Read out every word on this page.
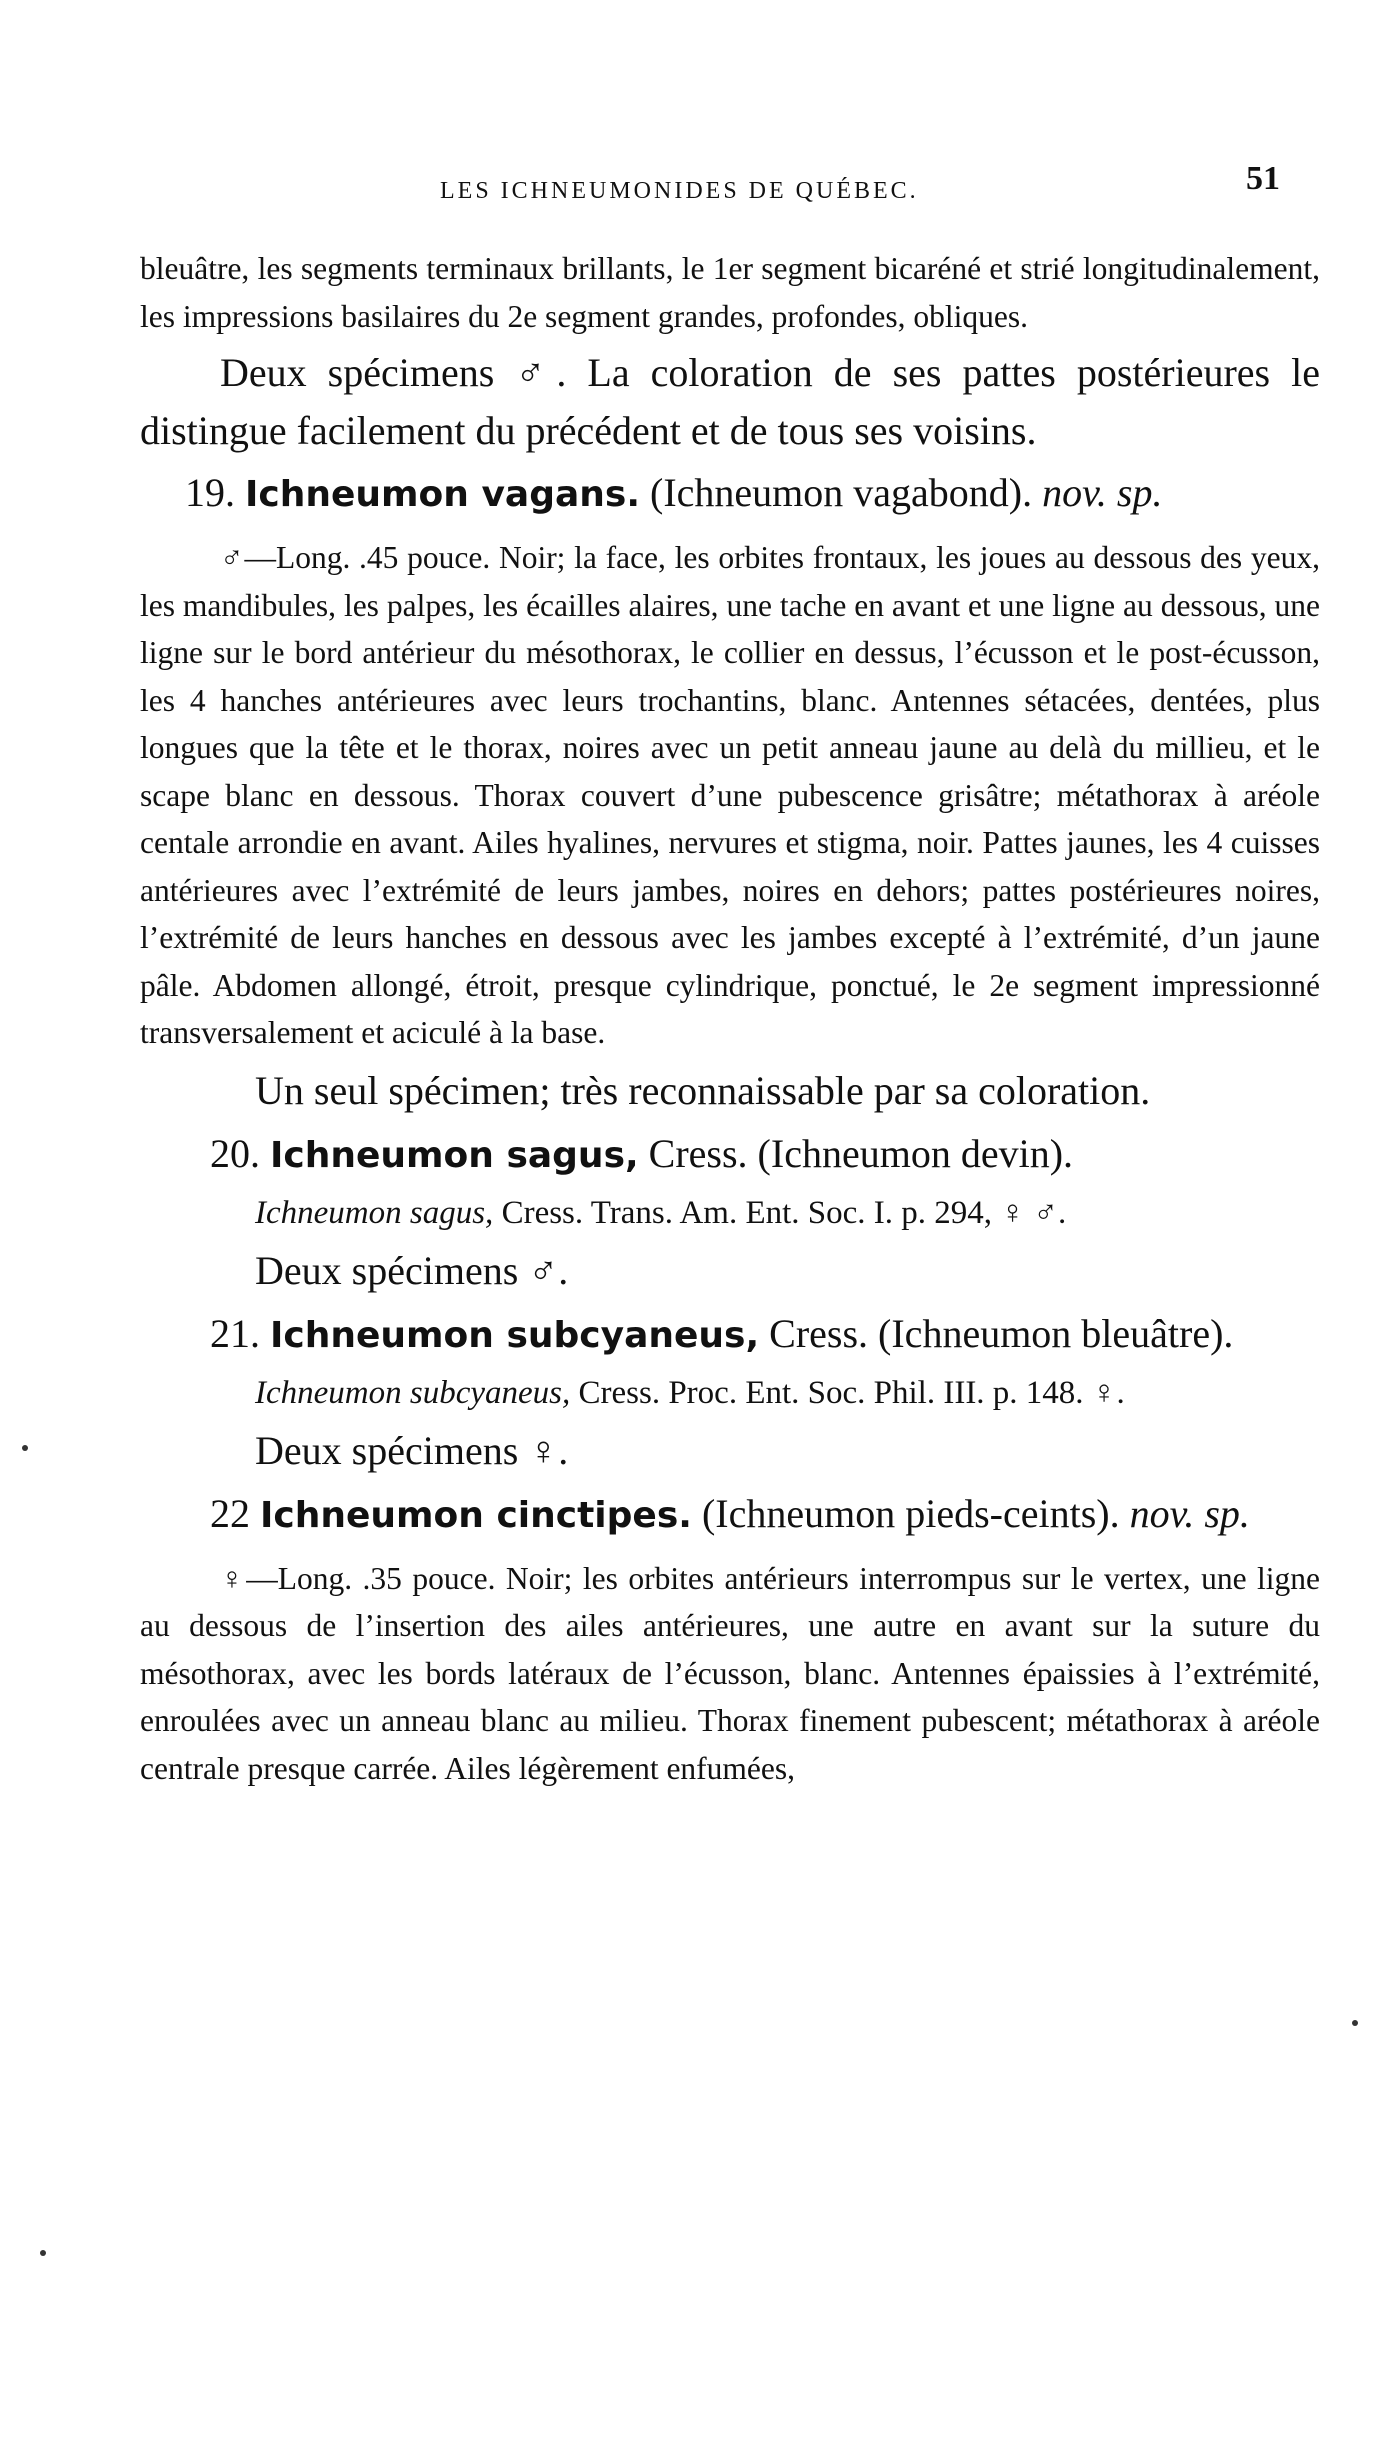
LES ICHNEUMONIDES DE QUÉBEC.	51

bleuâtre, les segments terminaux brillants, le 1er segment bicaréné et strié longitudinalement, les impressions basilaires du 2e segment grandes, profondes, obliques.

Deux spécimens ♂. La coloration de ses pattes postérieures le distingue facilement du précédent et de tous ses voisins.

19. Ichneumon vagans. (Ichneumon vagabond). nov. sp.

♂—Long. .45 pouce. Noir; la face, les orbites frontaux, les joues au dessous des yeux, les mandibules, les palpes, les écailles alaires, une tache en avant et une ligne au dessous, une ligne sur le bord antérieur du mésothorax, le collier en dessus, l’écusson et le post-écusson, les 4 hanches antérieures avec leurs trochantins, blanc. Antennes sétacées, dentées, plus longues que la tête et le thorax, noires avec un petit anneau jaune au delà du millieu, et le scape blanc en dessous. Thorax couvert d’une pubescence grisâtre; métathorax à aréole centale arrondie en avant. Ailes hyalines, nervures et stigma, noir. Pattes jaunes, les 4 cuisses antérieures avec l’extrémité de leurs jambes, noires en dehors; pattes postérieures noires, l’extrémité de leurs hanches en dessous avec les jambes excepté à l’extrémité, d’un jaune pâle. Abdomen allongé, étroit, presque cylindrique, ponctué, le 2e segment impressionné transversalement et aciculé à la base.

Un seul spécimen; très reconnaissable par sa coloration.

20. Ichneumon sagus, Cress. (Ichneumon devin).

Ichneumon sagus, Cress. Trans. Am. Ent. Soc. I. p. 294, ♀ ♂.

Deux spécimens ♂.

21. Ichneumon subcyaneus, Cress. (Ichneumon bleuâtre).

Ichneumon subcyaneus, Cress. Proc. Ent. Soc. Phil. III. p. 148. ♀.

Deux spécimens ♀.

22 Ichneumon cinctipes. (Ichneumon pieds-ceints). nov. sp.

♀—Long. .35 pouce. Noir; les orbites antérieurs interrompus sur le vertex, une ligne au dessous de l’insertion des ailes antérieures, une autre en avant sur la suture du mésothorax, avec les bords latéraux de l’écusson, blanc. Antennes épaissies à l’extrémité, enroulées avec un anneau blanc au milieu. Thorax finement pubescent; métathorax à aréole centrale presque carrée. Ailes légèrement enfumées,
